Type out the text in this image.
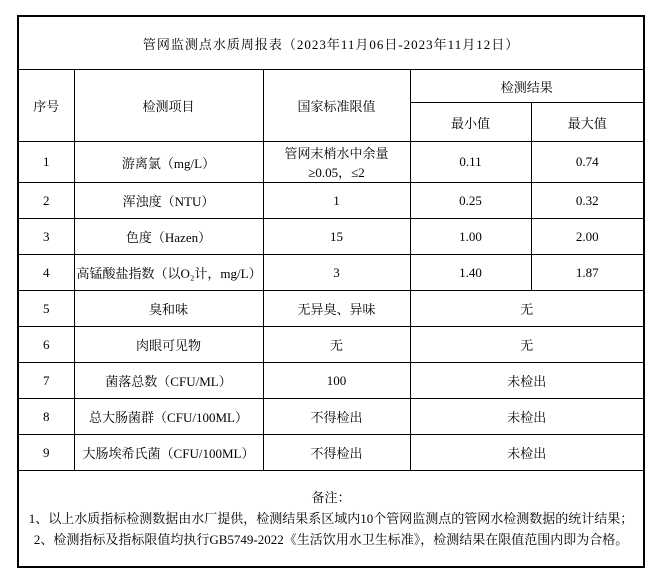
管网监测点水质周报表（2023年11月06日-2023年11月12日）				
序号	检测项目	国家标准限值	检测结果	
			最小值	最大值
1	游离氯（mg/L）	管网末梢水中余量≥0.05，≤2	0.11	0.74
2	浑浊度（NTU）	1	0.25	0.32
3	色度（Hazen）	15	1.00	2.00
4	高锰酸盐指数（以O₂计，mg/L）	3	1.40	1.87
5	臭和味	无异臭、异味	无	
6	肉眼可见物	无	无	
7	菌落总数（CFU/ML）	100	未检出	
8	总大肠菌群（CFU/100ML）	不得检出	未检出	
9	大肠埃希氏菌（CFU/100ML）	不得检出	未检出	

备注：
1、以上水质指标检测数据由水厂提供，检测结果系区域内10个管网监测点的管网水检测数据的统计结果；
2、检测指标及指标限值均执行GB5749-2022《生活饮用水卫生标准》，检测结果在限值范围内即为合格。				
